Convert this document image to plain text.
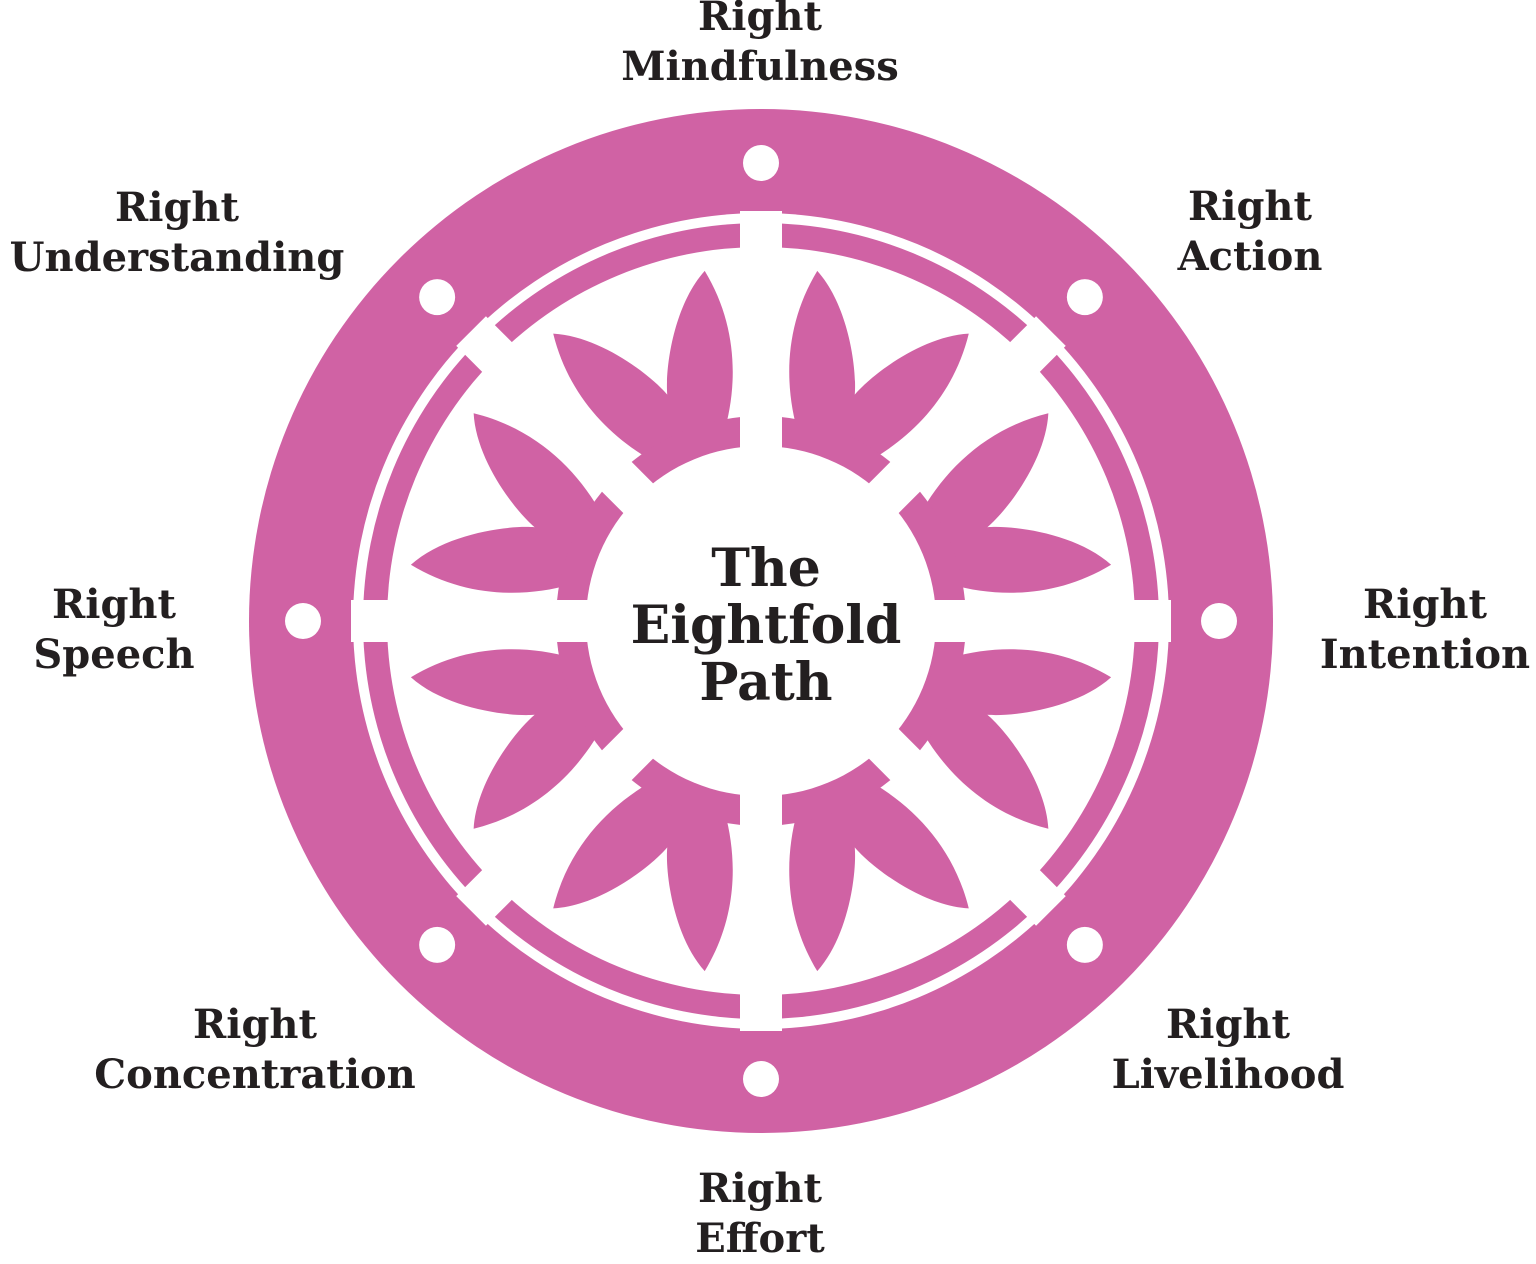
The
Eightfold
Path
Right
Mindfulness
Right
Action
Right
Intention
Right
Livelihood
Right
Effort
Right
Concentration
Right
Speech
Right
Understanding
